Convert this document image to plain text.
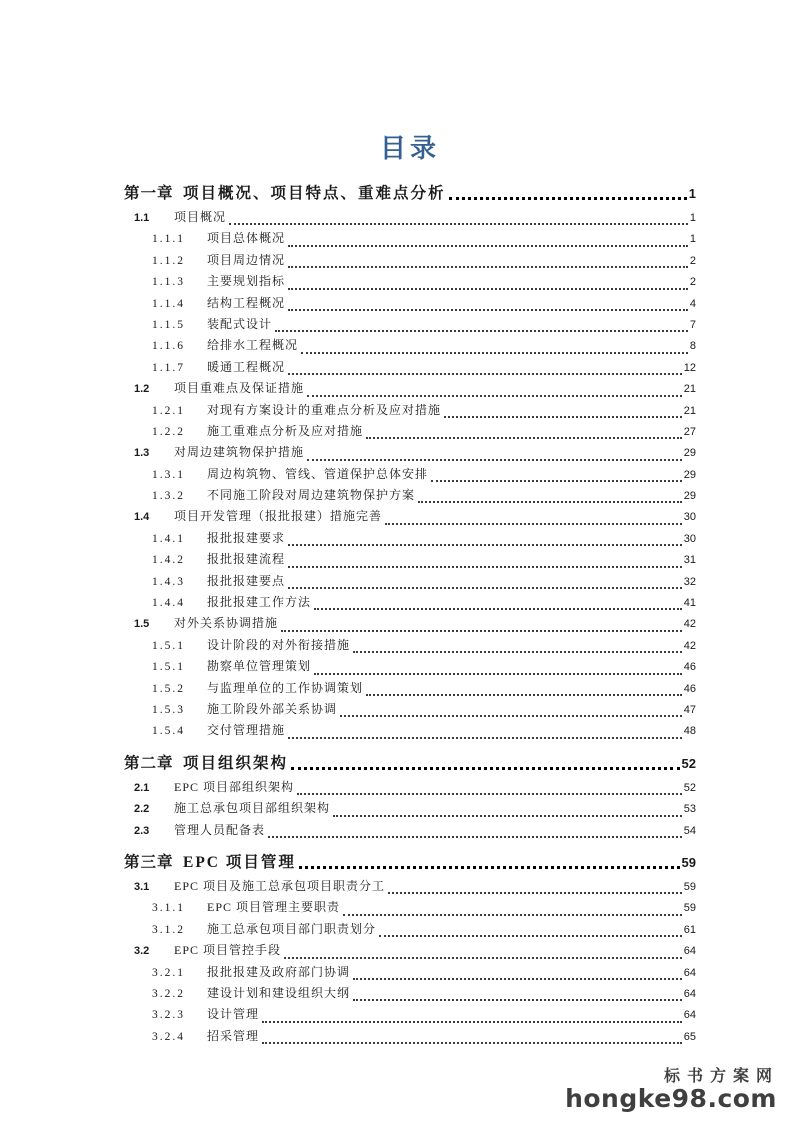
目录
第一章 项目概况、项目特点、重难点分析	1
1.1	项目概况	1
1.1.1	项目总体概况	1
1.1.2	项目周边情况	2
1.1.3	主要规划指标	2
1.1.4	结构工程概况	4
1.1.5	装配式设计	7
1.1.6	给排水工程概况	8
1.1.7	暖通工程概况	12
1.2	项目重难点及保证措施	21
1.2.1	对现有方案设计的重难点分析及应对措施	21
1.2.2	施工重难点分析及应对措施	27
1.3	对周边建筑物保护措施	29
1.3.1	周边构筑物、管线、管道保护总体安排	29
1.3.2	不同施工阶段对周边建筑物保护方案	29
1.4	项目开发管理（报批报建）措施完善	30
1.4.1	报批报建要求	30
1.4.2	报批报建流程	31
1.4.3	报批报建要点	32
1.4.4	报批报建工作方法	41
1.5	对外关系协调措施	42
1.5.1	设计阶段的对外衔接措施	42
1.5.1	勘察单位管理策划	46
1.5.2	与监理单位的工作协调策划	46
1.5.3	施工阶段外部关系协调	47
1.5.4	交付管理措施	48
第二章 项目组织架构	52
2.1	EPC 项目部组织架构	52
2.2	施工总承包项目部组织架构	53
2.3	管理人员配备表	54
第三章 EPC 项目管理	59
3.1	EPC 项目及施工总承包项目职责分工	59
3.1.1	EPC 项目管理主要职责	59
3.1.2	施工总承包项目部门职责划分	61
3.2	EPC 项目管控手段	64
3.2.1	报批报建及政府部门协调	64
3.2.2	建设计划和建设组织大纲	64
3.2.3	设计管理	64
3.2.4	招采管理	65
标书方案网
hongke98.com
